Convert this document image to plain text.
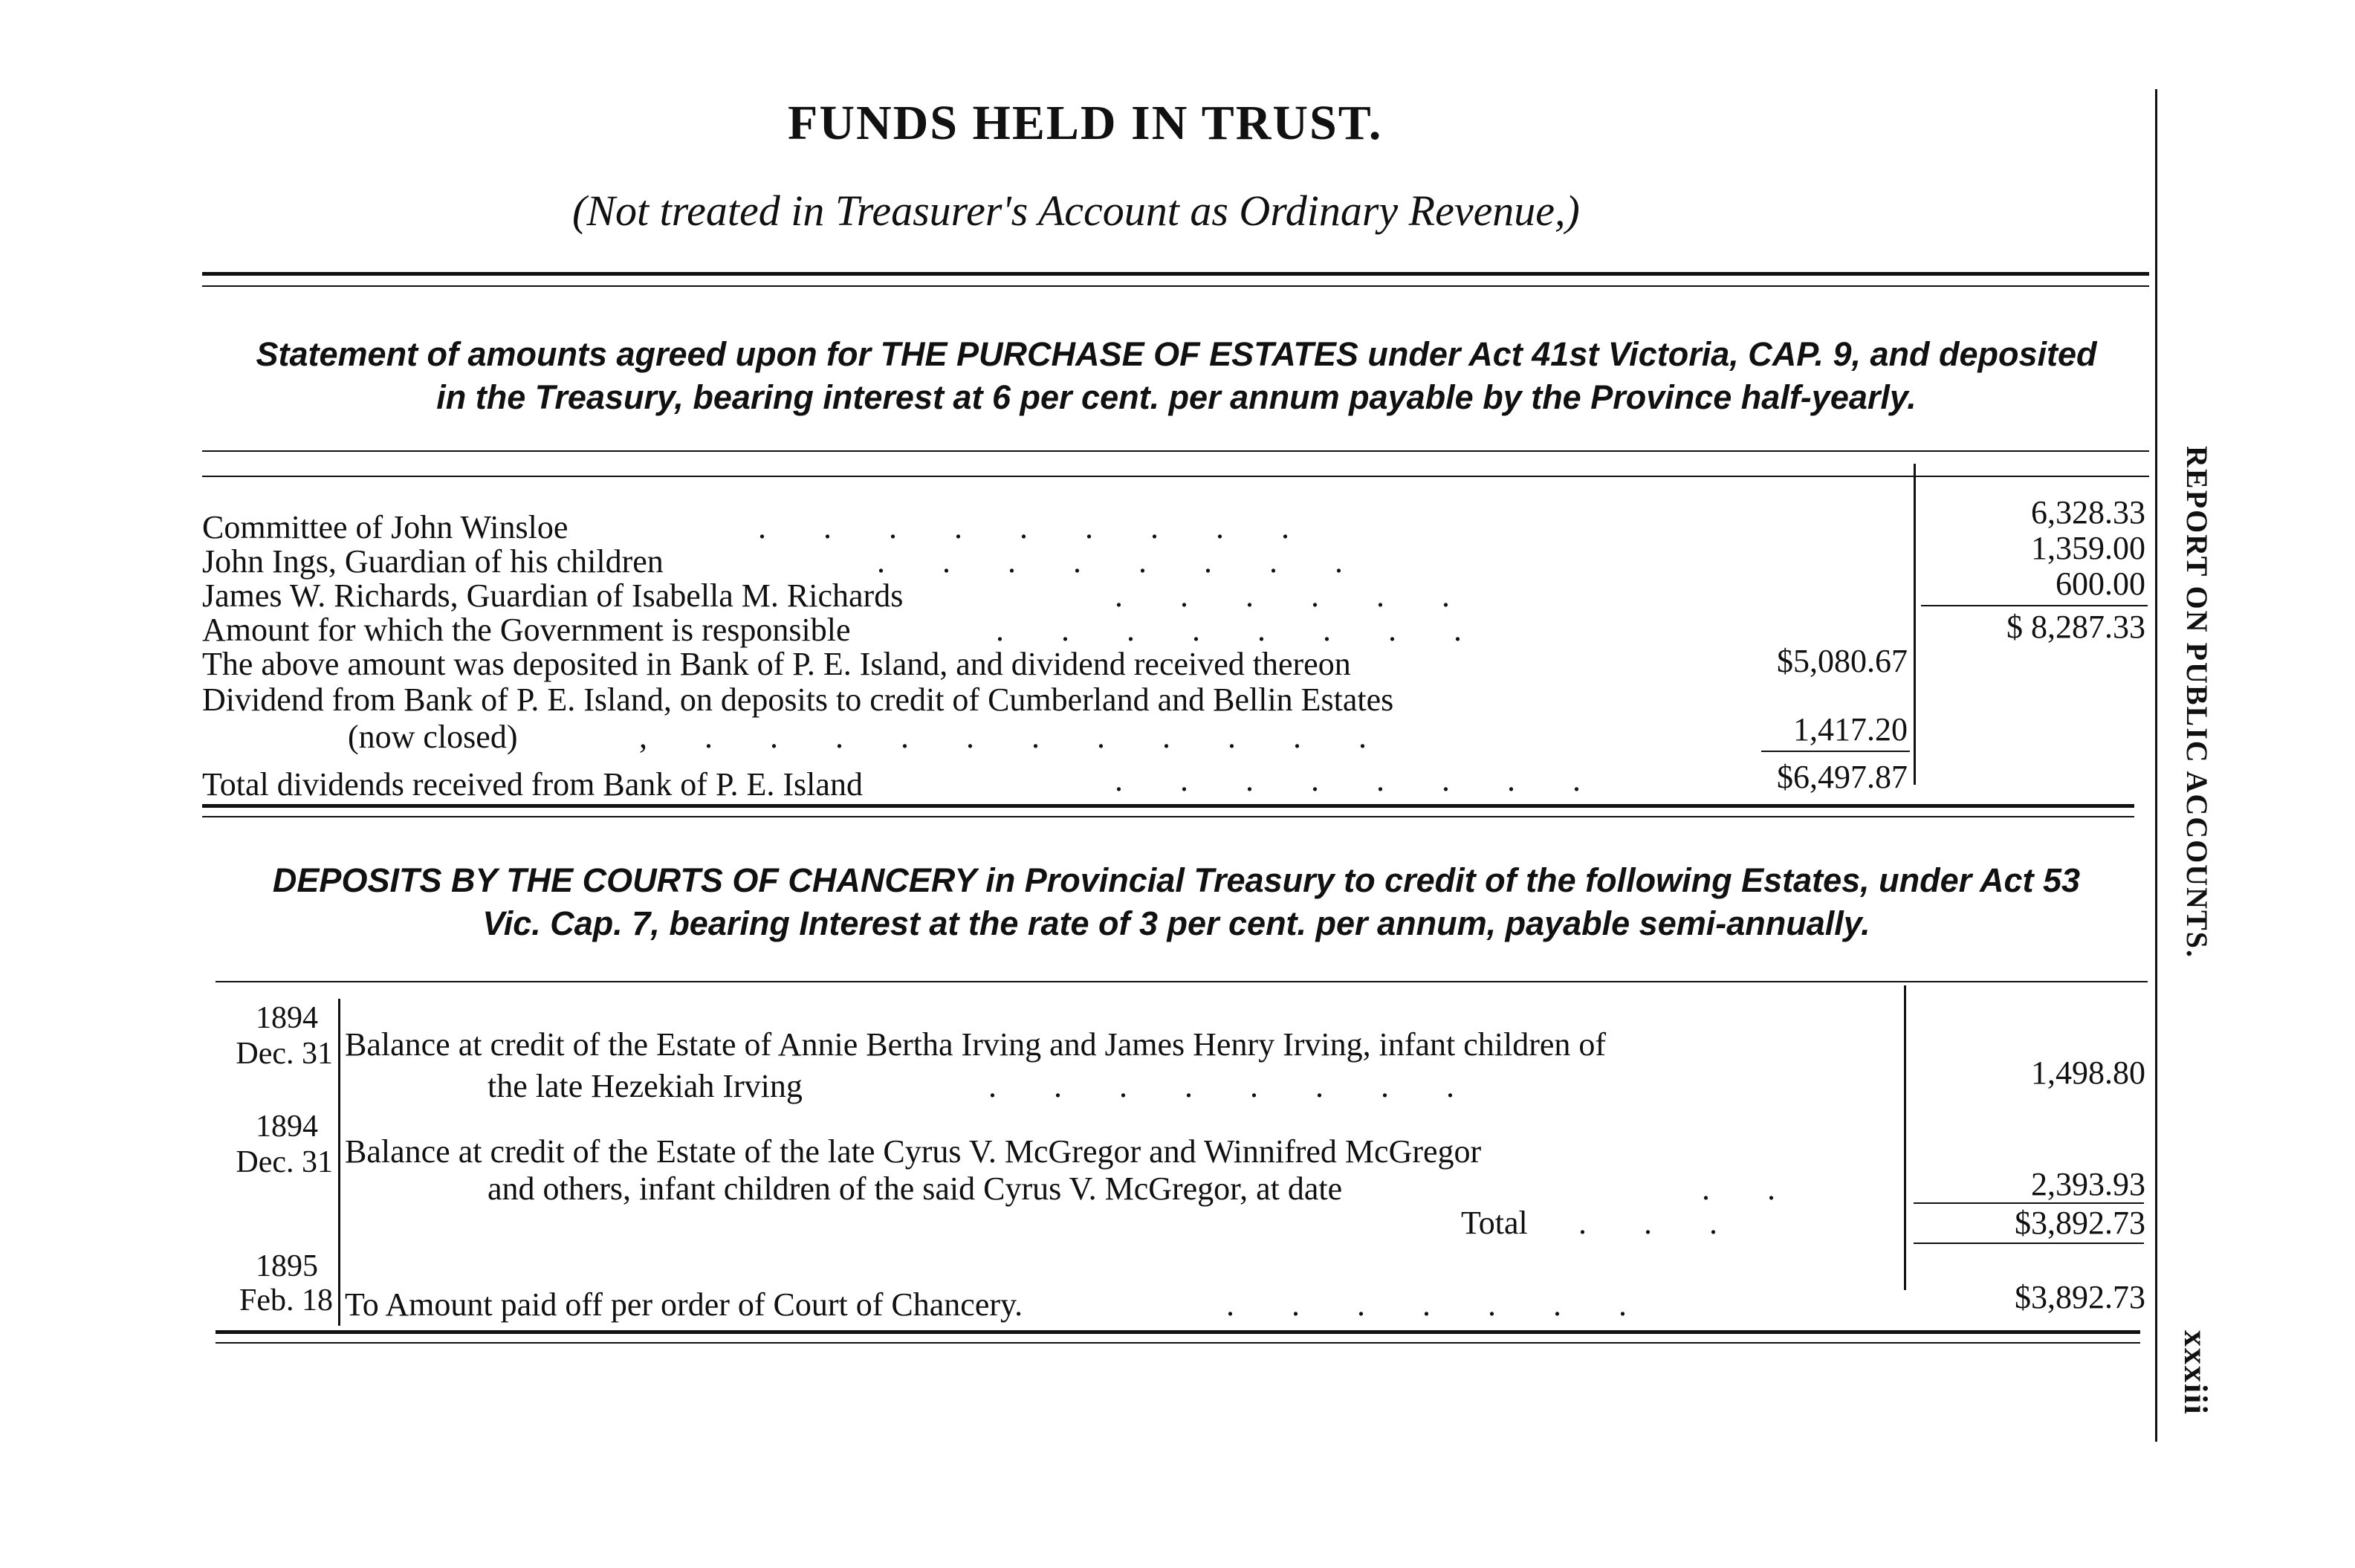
FUNDS HELD IN TRUST.
(Not treated in Treasurer's Account as Ordinary Revenue,)
REPORT ON PUBLIC ACCOUNTS.
xxxiii
Statement of amounts agreed upon for THE PURCHASE OF ESTATES under Act 41st Victoria, CAP. 9, and deposited
in the Treasury, bearing interest at 6 per cent. per annum payable by the Province half-yearly.
Committee of John Winsloe	.       .       .       .       .       .       .       .       .	6,328.33
John Ings, Guardian of his children	.       .       .       .       .       .       .       .	1,359.00
James W. Richards, Guardian of Isabella M. Richards	.       .       .       .       .       .	600.00
Amount for which the Government is responsible	.       .       .       .       .       .       .       .	$ 8,287.33
The above amount was deposited in Bank of P. E. Island, and dividend received thereon	$5,080.67
Dividend from Bank of P. E. Island, on deposits to credit of Cumberland and Bellin Estates
(now closed)	,       .       .       .       .       .       .       .       .       .       .       .	1,417.20
Total dividends received from Bank of P. E. Island	.       .       .       .       .       .       .       .	$6,497.87
DEPOSITS BY THE COURTS OF CHANCERY in Provincial Treasury to credit of the following Estates, under Act 53
Vic. Cap. 7, bearing Interest at the rate of 3 per cent. per annum, payable semi-annually.
1894
Dec. 31 Balance at credit of the Estate of Annie Bertha Irving and James Henry Irving, infant children of
the late Hezekiah Irving	.       .       .       .       .       .       .       .	1,498.80
1894
Dec. 31 Balance at credit of the Estate of the late Cyrus V. McGregor and Winnifred McGregor
and others, infant children of the said Cyrus V. McGregor, at date	.       .	2,393.93
Total .       .       .	$3,892.73
1895
Feb. 18 To Amount paid off per order of Court of Chancery.	.       .       .       .       .       .       .	$3,892.73
